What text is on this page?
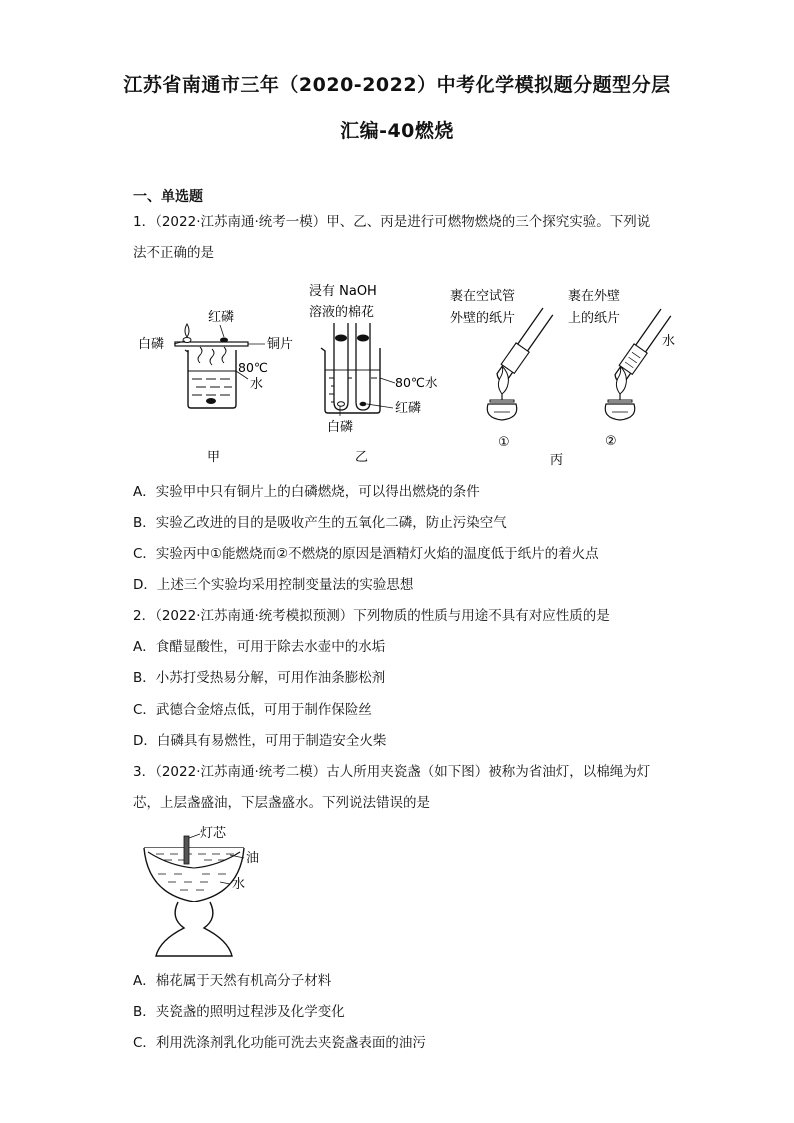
江苏省南通市三年（2020-2022）中考化学模拟题分题型分层
汇编-40燃烧
一、单选题
1．（2022·江苏南通·统考一模）甲、乙、丙是进行可燃物燃烧的三个探究实验。下列说
法不正确的是
红磷
白磷	铜片
80℃
水
甲
浸有 NaOH
溶液的棉花
80℃水
红磷
白磷
乙
裹在空试管
外壁的纸片
裹在外壁
上的纸片
水
①	②
丙
A．实验甲中只有铜片上的白磷燃烧，可以得出燃烧的条件
B．实验乙改进的目的是吸收产生的五氧化二磷，防止污染空气
C．实验丙中①能燃烧而②不燃烧的原因是酒精灯火焰的温度低于纸片的着火点
D．上述三个实验均采用控制变量法的实验思想
2．（2022·江苏南通·统考模拟预测）下列物质的性质与用途不具有对应性质的是
A．食醋显酸性，可用于除去水壶中的水垢
B．小苏打受热易分解，可用作油条膨松剂
C．武德合金熔点低，可用于制作保险丝
D．白磷具有易燃性，可用于制造安全火柴
3．（2022·江苏南通·统考二模）古人所用夹瓷盏（如下图）被称为省油灯，以棉绳为灯
芯，上层盏盛油，下层盏盛水。下列说法错误的是
灯芯
油
水
A．棉花属于天然有机高分子材料
B．夹瓷盏的照明过程涉及化学变化
C．利用洗涤剂乳化功能可洗去夹瓷盏表面的油污
